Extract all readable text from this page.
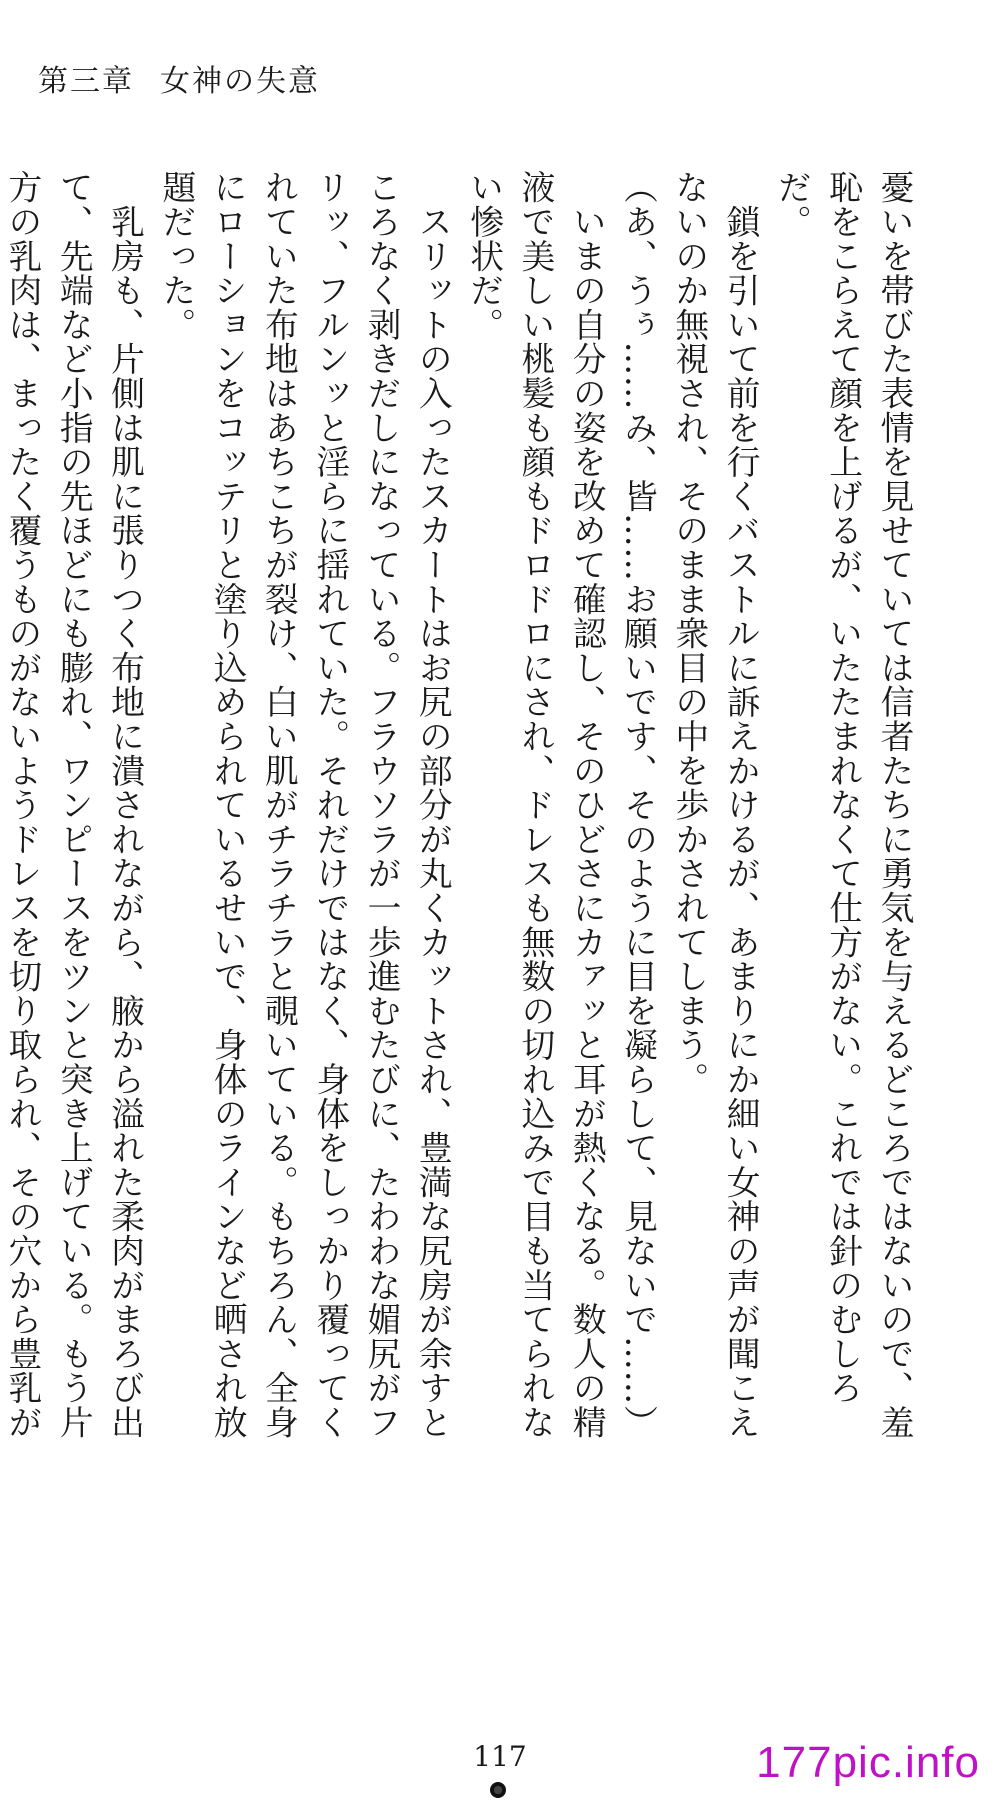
第三章 女神の失意

憂いを帯びた表情を見せていては信者たちに勇気を与えるどころではないので、羞恥をこらえて顔を上げるが、いたたまれなくて仕方がない。これでは針のむしろだ。

　鎖を引いて前を行くバストルに訴えかけるが、あまりにか細い女神の声が聞こえないのか無視され、そのまま衆目の中を歩かされてしまう。

（あ、うぅ……み、皆……お願いです、そのように目を凝らして、見ないで……）

　いまの自分の姿を改めて確認し、そのひどさにカァッと耳が熱くなる。数人の精液で美しい桃髪も顔もドロドロにされ、ドレスも無数の切れ込みで目も当てられない惨状だ。

　スリットの入ったスカートはお尻の部分が丸くカットされ、豊満な尻房が余すところなく剥きだしになっている。フラウソラが一歩進むたびに、たわわな媚尻がフリッ、フルンッと淫らに揺れていた。それだけではなく、身体をしっかり覆ってくれていた布地はあちこちが裂け、白い肌がチラチラと覗いている。もちろん、全身にローションをコッテリと塗り込められているせいで、身体のラインなど晒され放題だった。

　乳房も、片側は肌に張りつく布地に潰されながら、腋から溢れた柔肉がまろび出て、先端など小指の先ほどにも膨れ、ワンピースをツンと突き上げている。もう片方の乳肉は、まったく覆うものがないようドレスを切り取られ、その穴から豊乳が

117	177pic.info
